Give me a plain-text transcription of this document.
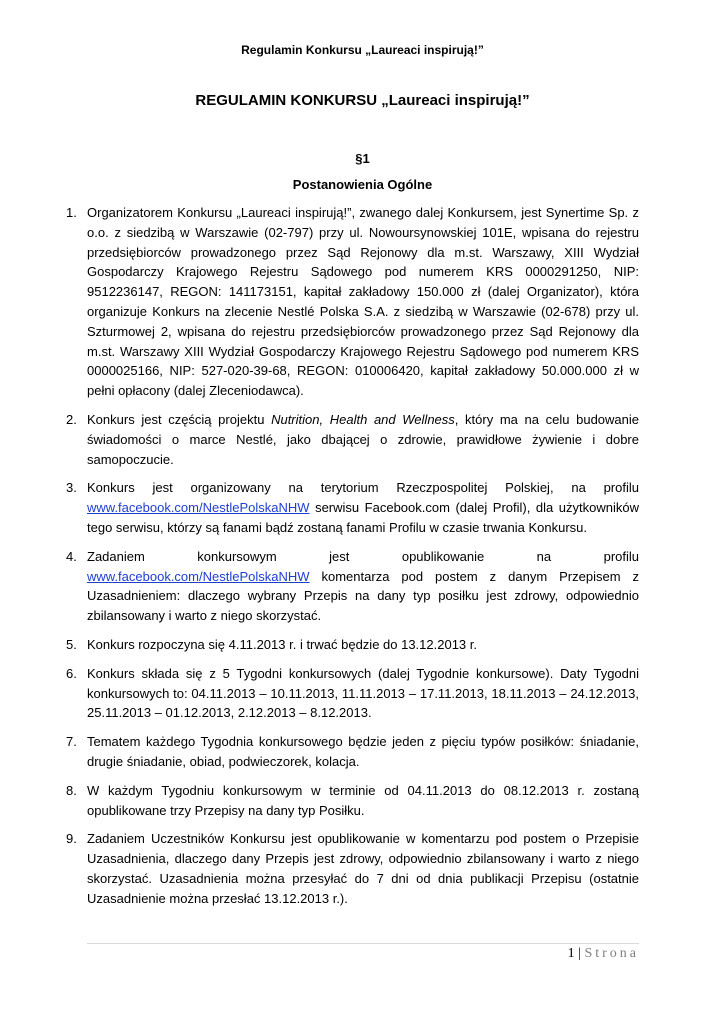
Regulamin Konkursu „Laureaci inspirują!”
REGULAMIN KONKURSU „Laureaci inspirują!”
§1
Postanowienia Ogólne
1. Organizatorem Konkursu „Laureaci inspirują!”, zwanego dalej Konkursem, jest Synertime Sp. z o.o. z siedzibą w Warszawie (02-797) przy ul. Nowoursynowskiej 101E, wpisana do rejestru przedsiębiorców prowadzonego przez Sąd Rejonowy dla m.st. Warszawy, XIII Wydział Gospodarczy Krajowego Rejestru Sądowego pod numerem KRS 0000291250, NIP: 9512236147, REGON: 141173151, kapitał zakładowy 150.000 zł (dalej Organizator), która organizuje Konkurs na zlecenie Nestlé Polska S.A. z siedzibą w Warszawie (02-678) przy ul. Szturmowej 2, wpisana do rejestru przedsiębiorców prowadzonego przez Sąd Rejonowy dla m.st. Warszawy XIII Wydział Gospodarczy Krajowego Rejestru Sądowego pod numerem KRS 0000025166, NIP: 527-020-39-68, REGON: 010006420, kapitał zakładowy 50.000.000 zł w pełni opłacony (dalej Zleceniodawca).
2. Konkurs jest częścią projektu Nutrition, Health and Wellness, który ma na celu budowanie świadomości o marce Nestlé, jako dbającej o zdrowie, prawidłowe żywienie i dobre samopoczucie.
3. Konkurs jest organizowany na terytorium Rzeczpospolitej Polskiej, na profilu
www.facebook.com/NestlePolskaNHW serwisu Facebook.com (dalej Profil), dla użytkowników tego serwisu, którzy są fanami bądź zostaną fanami Profilu w czasie trwania Konkursu.
4. Zadaniem konkursowym jest opublikowanie na profilu
www.facebook.com/NestlePolskaNHW komentarza pod postem z danym Przepisem z Uzasadnieniem: dlaczego wybrany Przepis na dany typ posiłku jest zdrowy, odpowiednio zbilansowany i warto z niego skorzystać.
5. Konkurs rozpoczyna się 4.11.2013 r. i trwać będzie do 13.12.2013 r.
6. Konkurs składa się z 5 Tygodni konkursowych (dalej Tygodnie konkursowe). Daty Tygodni konkursowych to: 04.11.2013 – 10.11.2013, 11.11.2013 – 17.11.2013, 18.11.2013 – 24.12.2013, 25.11.2013 – 01.12.2013, 2.12.2013 – 8.12.2013.
7. Tematem każdego Tygodnia konkursowego będzie jeden z pięciu typów posiłków: śniadanie, drugie śniadanie, obiad, podwieczorek, kolacja.
8. W każdym Tygodniu konkursowym w terminie od 04.11.2013 do 08.12.2013 r. zostaną opublikowane trzy Przepisy na dany typ Posiłku.
9. Zadaniem Uczestników Konkursu jest opublikowanie w komentarzu pod postem o Przepisie Uzasadnienia, dlaczego dany Przepis jest zdrowy, odpowiednio zbilansowany i warto z niego skorzystać. Uzasadnienia można przesyłać do 7 dni od dnia publikacji Przepisu (ostatnie Uzasadnienie można przesłać 13.12.2013 r.).
1 | Strona
